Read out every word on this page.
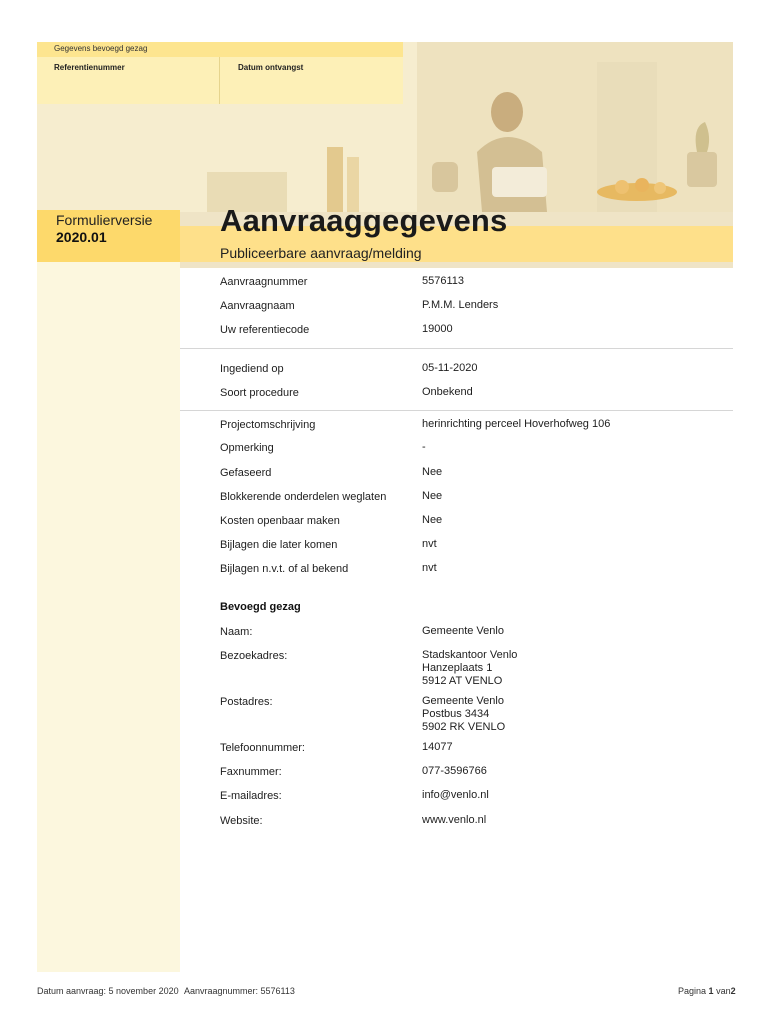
Gegevens bevoegd gezag
Referentienummer	Datum ontvangst
Formulierversie
2020.01	Aanvraaggegevens
Publiceerbare aanvraag/melding
Aanvraagnummer	5576113
Aanvraagnaam	P.M.M. Lenders
Uw referentiecode	19000
Ingediend op	05-11-2020
Soort procedure	Onbekend
Projectomschrijving	herinrichting perceel Hoverhofweg 106
Opmerking	-
Gefaseerd	Nee
Blokkerende onderdelen weglaten	Nee
Kosten openbaar maken	Nee
Bijlagen die later komen	nvt
Bijlagen n.v.t. of al bekend	nvt
Bevoegd gezag
Naam:	Gemeente Venlo
Bezoekadres:	Stadskantoor Venlo
Hanzeplaats 1
5912 AT VENLO
Postadres:	Gemeente Venlo
Postbus 3434
5902 RK VENLO
Telefoonnummer:	14077
Faxnummer:	077-3596766
E-mailadres:	info@venlo.nl
Website:	www.venlo.nl
Datum aanvraag: 5 november 2020 Aanvraagnummer: 5576113	Pagina 1 van2
